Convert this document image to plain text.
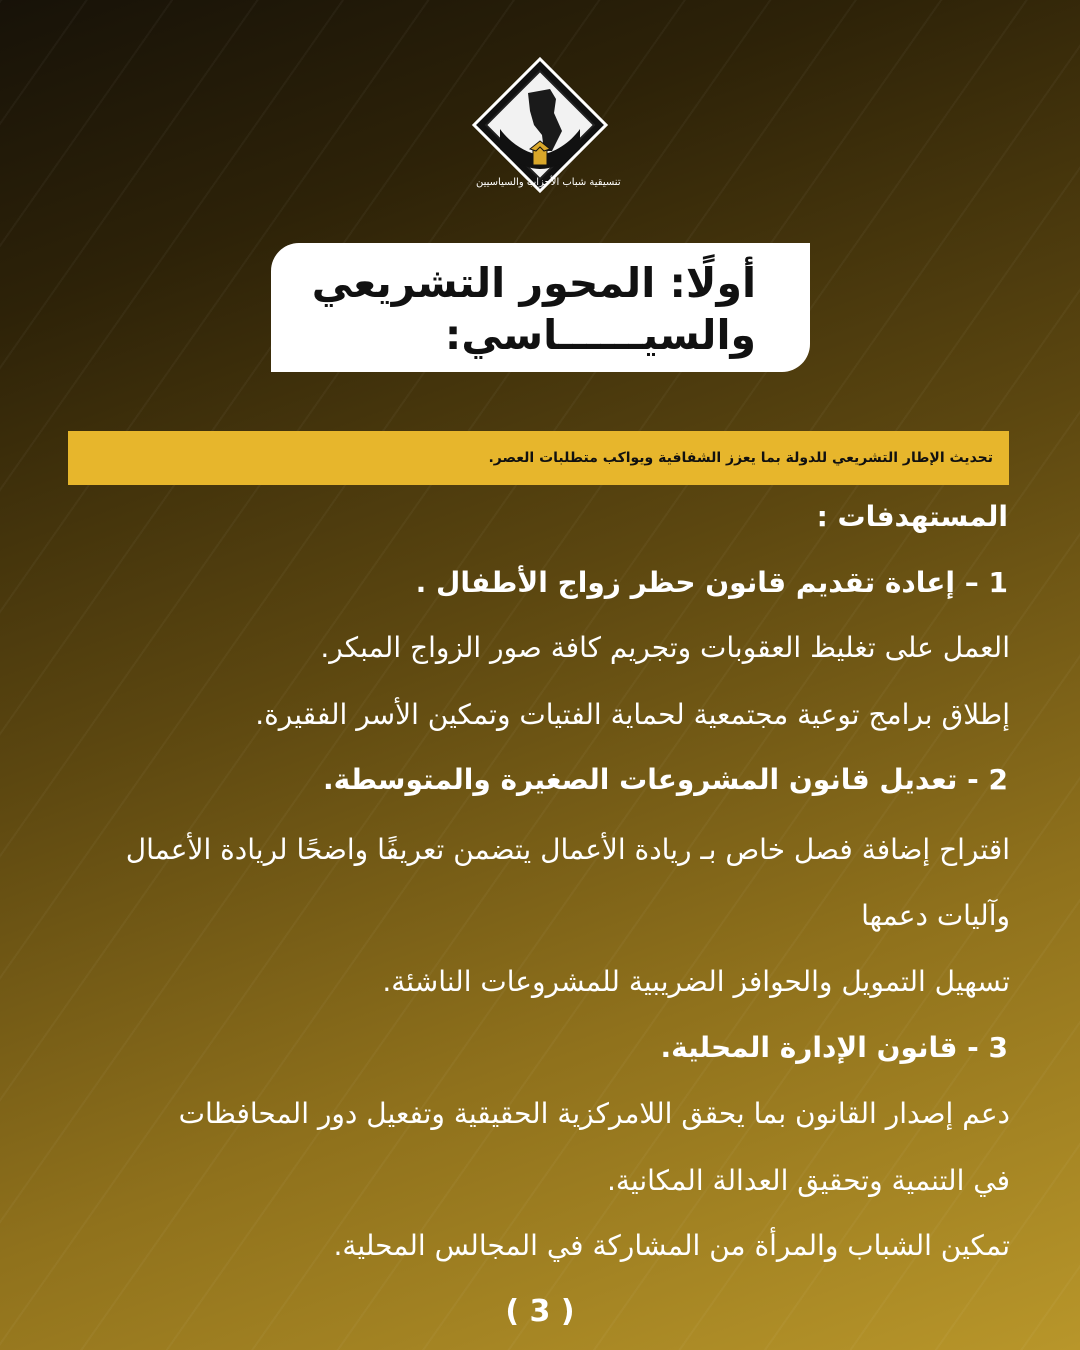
تنسيقية شباب الأحزاب والسياسيين
أولًا: المحور التشريعي
والسيــــــاسي:
تحديث الإطار التشريعي للدولة بما يعزز الشفافية ويواكب متطلبات العصر.
المستهدفات :
1 – إعادة تقديم قانون حظر زواج الأطفال .
العمل على تغليظ العقوبات وتجريم كافة صور الزواج المبكر.
إطلاق برامج توعية مجتمعية لحماية الفتيات وتمكين الأسر الفقيرة.
2 - تعديل قانون المشروعات الصغيرة والمتوسطة.
اقتراح إضافة فصل خاص بـ ريادة الأعمال يتضمن تعريفًا واضحًا لريادة الأعمال
وآليات دعمها
تسهيل التمويل والحوافز الضريبية للمشروعات الناشئة.
3 - قانون الإدارة المحلية.
دعم إصدار القانون بما يحقق اللامركزية الحقيقية وتفعيل دور المحافظات
في التنمية وتحقيق العدالة المكانية.
تمكين الشباب والمرأة من المشاركة في المجالس المحلية.
( 3 )
